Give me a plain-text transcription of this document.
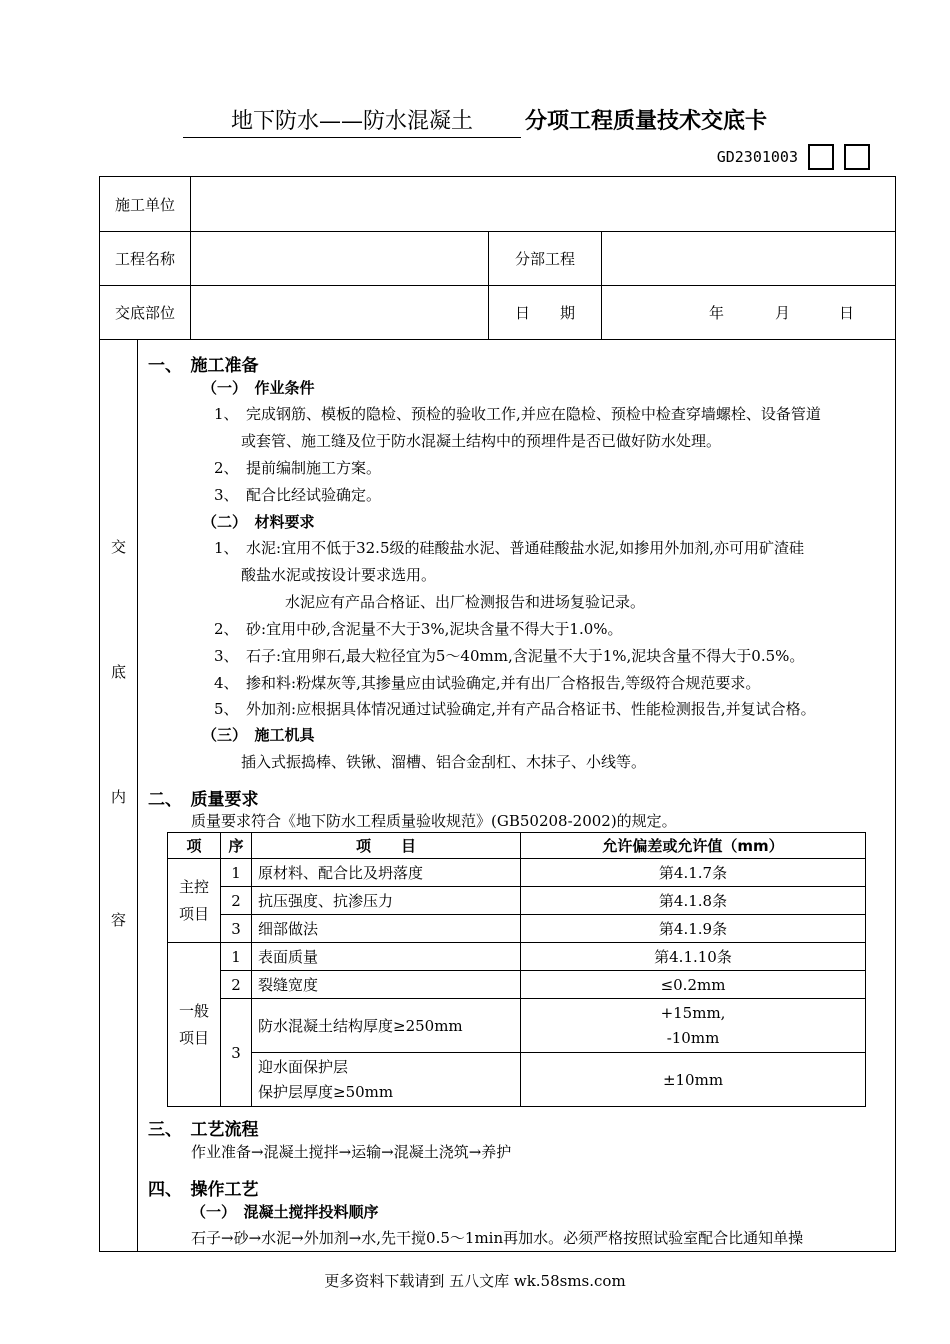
地下防水——防水混凝土 分项工程质量技术交底卡
GD2301003
施工单位
工程名称	分部工程
交底部位	日　　期	年	月	日
交
底
内
容
一、　施工准备
（一）　作业条件
1、　完成钢筋、模板的隐检、预检的验收工作,并应在隐检、预检中检查穿墙螺栓、设备管道
或套管、施工缝及位于防水混凝土结构中的预埋件是否已做好防水处理。
2、　提前编制施工方案。
3、　配合比经试验确定。
（二）　材料要求
1、　水泥:宜用不低于32.5级的硅酸盐水泥、普通硅酸盐水泥,如掺用外加剂,亦可用矿渣硅
酸盐水泥或按设计要求选用。
水泥应有产品合格证、出厂检测报告和进场复验记录。
2、　砂:宜用中砂,含泥量不大于3%,泥块含量不得大于1.0%。
3、　石子:宜用卵石,最大粒径宜为5～40mm,含泥量不大于1%,泥块含量不得大于0.5%。
4、　掺和料:粉煤灰等,其掺量应由试验确定,并有出厂合格报告,等级符合规范要求。
5、　外加剂:应根据具体情况通过试验确定,并有产品合格证书、性能检测报告,并复试合格。
（三）　施工机具
插入式振捣棒、铁锹、溜槽、铝合金刮杠、木抹子、小线等。
二、　质量要求
质量要求符合《地下防水工程质量验收规范》(GB50208-2002)的规定。
项	序	项　　目	允许偏差或允许值（mm）

主控项目	1	原材料、配合比及坍落度	第4.1.7条
	2	抗压强度、抗渗压力	第4.1.8条
	3	细部做法	第4.1.9条

一般项目	1	表面质量	第4.1.10条
	2	裂缝宽度	≤0.2mm
	3	防水混凝土结构厚度≥250mm	+15mm,
-10mm

		迎水面保护层
保护层厚度≥50mm	±10mm
三、　工艺流程
作业准备→混凝土搅拌→运输→混凝土浇筑→养护
四、　操作工艺
（一）　混凝土搅拌投料顺序
石子→砂→水泥→外加剂→水,先干搅0.5～1min再加水。必须严格按照试验室配合比通知单操
更多资料下载请到 五八文库 wk.58sms.com
